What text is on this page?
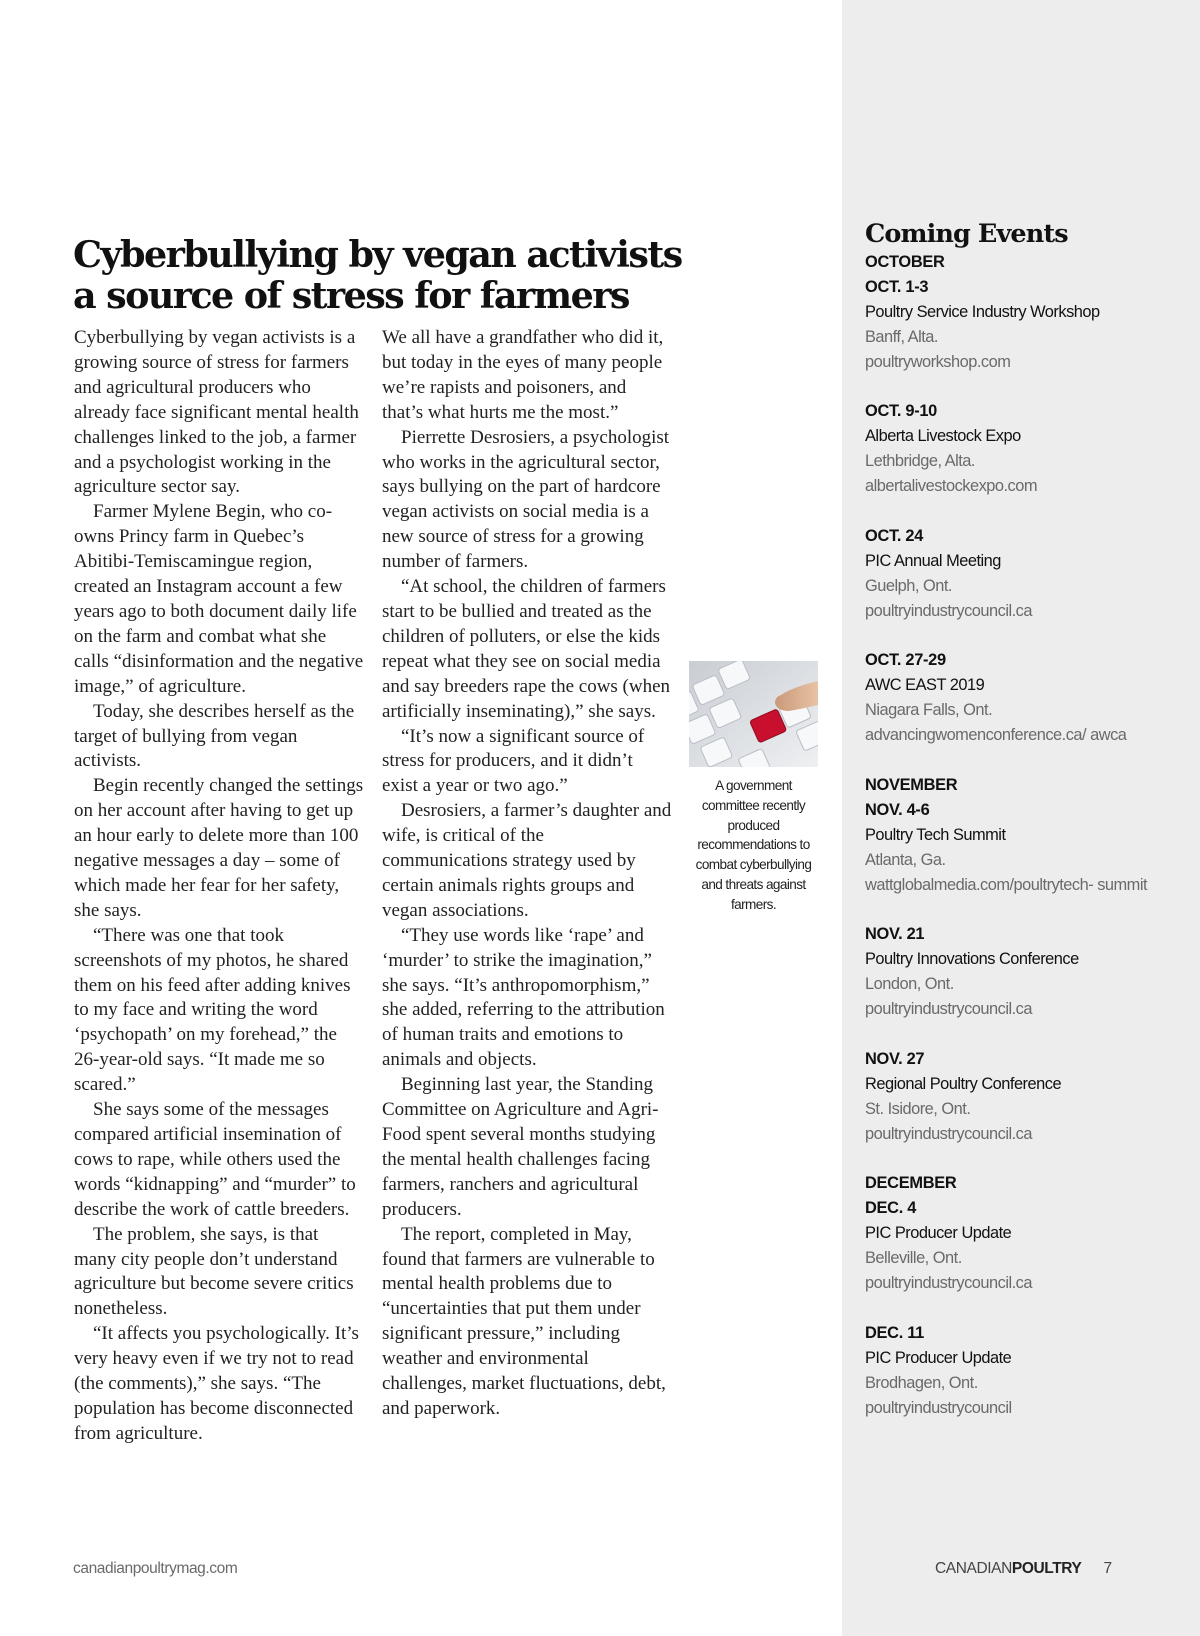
Cyberbullying by vegan activists a source of stress for farmers

Cyberbullying by vegan activists is a growing source of stress for farmers and agricultural producers who already face significant mental health challenges linked to the job, a farmer and a psychologist working in the agriculture sector say.

Farmer Mylene Begin, who co-owns Princy farm in Quebec’s Abitibi-Temiscamingue region, created an Instagram account a few years ago to both document daily life on the farm and combat what she calls “disinformation and the negative image,” of agriculture.

Today, she describes herself as the target of bullying from vegan activists.

Begin recently changed the settings on her account after having to get up an hour early to delete more than 100 negative messages a day – some of which made her fear for her safety, she says.

“There was one that took screenshots of my photos, he shared them on his feed after adding knives to my face and writing the word ‘psychopath’ on my forehead,” the 26-year-old says. “It made me so scared.”

She says some of the messages compared artificial insemination of cows to rape, while others used the words “kidnapping” and “murder” to describe the work of cattle breeders.

The problem, she says, is that many city people don’t understand agriculture but become severe critics nonetheless.

“It affects you psychologically. It’s very heavy even if we try not to read (the comments),” she says. “The population has become disconnected from agriculture.

We all have a grandfather who did it, but today in the eyes of many people we’re rapists and poisoners, and that’s what hurts me the most.”

Pierrette Desrosiers, a psychologist who works in the agricultural sector, says bullying on the part of hardcore vegan activists on social media is a new source of stress for a growing number of farmers.

“At school, the children of farmers start to be bullied and treated as the children of polluters, or else the kids repeat what they see on social media and say breeders rape the cows (when artificially inseminating),” she says.

“It’s now a significant source of stress for producers, and it didn’t exist a year or two ago.”

Desrosiers, a farmer’s daughter and wife, is critical of the communications strategy used by certain animals rights groups and vegan associations.

“They use words like ‘rape’ and ‘murder’ to strike the imagination,” she says. “It’s anthropomorphism,” she added, referring to the attribution of human traits and emotions to animals and objects.

Beginning last year, the Standing Committee on Agriculture and Agri-Food spent several months studying the mental health challenges facing farmers, ranchers and agricultural producers.

The report, completed in May, found that farmers are vulnerable to mental health problems due to “uncertainties that put them under significant pressure,” including weather and environmental challenges, market fluctuations, debt, and paperwork.

A government committee recently produced recommendations to combat cyberbullying and threats against farmers.

Coming Events
OCTOBER
OCT. 1-3
Poultry Service Industry Workshop
Banff, Alta.
poultryworkshop.com
OCT. 9-10
Alberta Livestock Expo
Lethbridge, Alta.
albertalivestockexpo.com
OCT. 24
PIC Annual Meeting
Guelph, Ont.
poultryindustrycouncil.ca
OCT. 27-29
AWC EAST 2019
Niagara Falls, Ont.
advancingwomenconference.ca/ awca
NOVEMBER
NOV. 4-6
Poultry Tech Summit
Atlanta, Ga.
wattglobalmedia.com/poultrytech- summit
NOV. 21
Poultry Innovations Conference
London, Ont.
poultryindustrycouncil.ca
NOV. 27
Regional Poultry Conference
St. Isidore, Ont.
poultryindustrycouncil.ca
DECEMBER
DEC. 4
PIC Producer Update
Belleville, Ont.
poultryindustrycouncil.ca
DEC. 11
PIC Producer Update
Brodhagen, Ont.
poultryindustrycouncil
canadianpoultrymag.com	CANADIANPOULTRY 7
